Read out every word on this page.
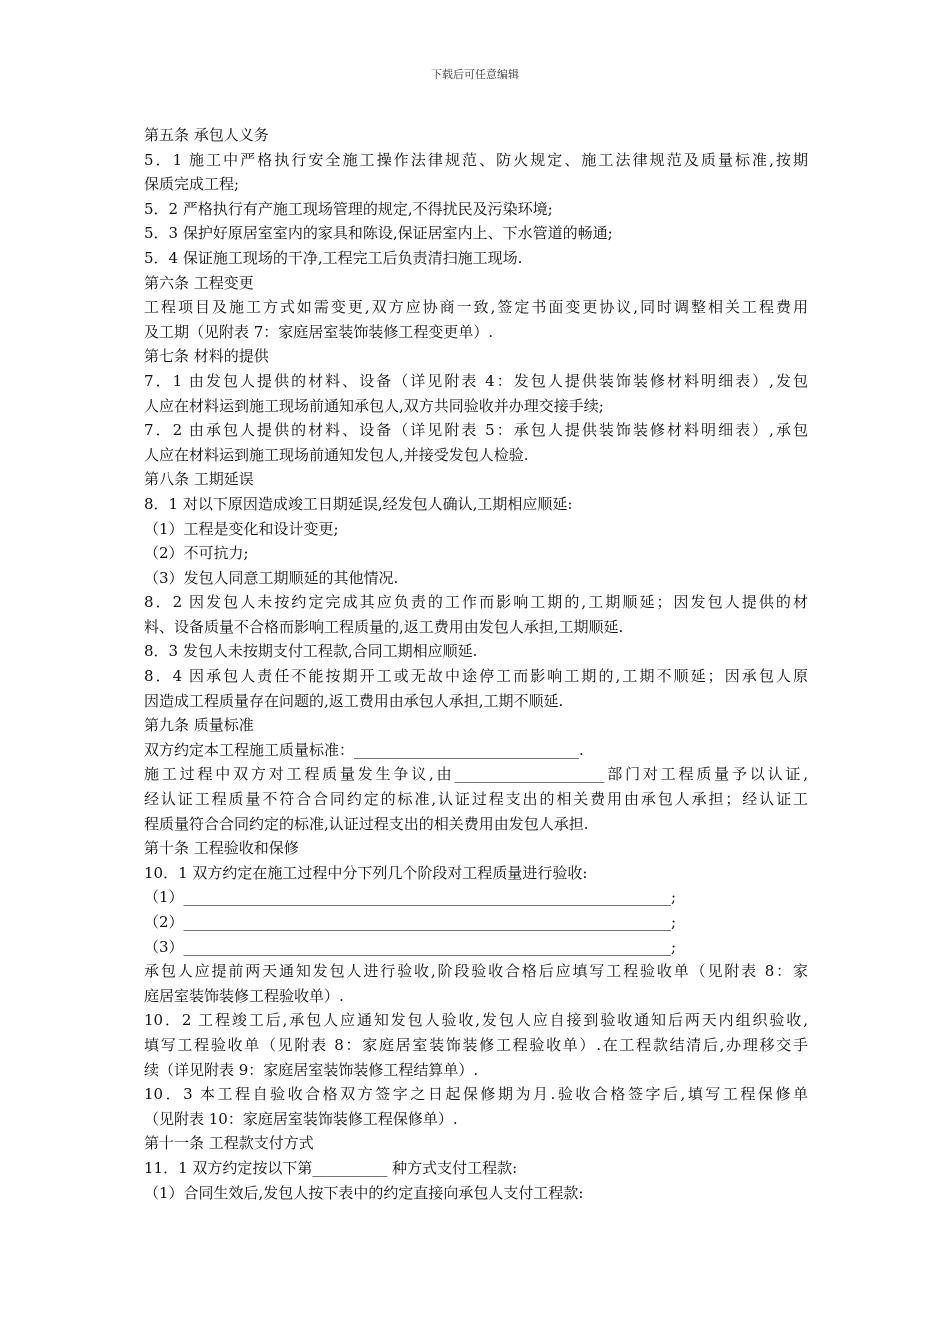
下载后可任意编辑
第五条 承包人义务
5．1 施工中严格执行安全施工操作法律规范、防火规定、施工法律规范及质量标准,按期
保质完成工程;
5．2 严格执行有产施工现场管理的规定,不得扰民及污染环境;
5．3 保护好原居室室内的家具和陈设,保证居室内上、下水管道的畅通;
5．4 保证施工现场的干净,工程完工后负责清扫施工现场.
第六条 工程变更
工程项目及施工方式如需变更,双方应协商一致,签定书面变更协议,同时调整相关工程费用
及工期（见附表 7：家庭居室装饰装修工程变更单）.
第七条 材料的提供
7．1 由发包人提供的材料、设备（详见附表 4：发包人提供装饰装修材料明细表）,发包
人应在材料运到施工现场前通知承包人,双方共同验收并办理交接手续;
7．2 由承包人提供的材料、设备（详见附表 5：承包人提供装饰装修材料明细表）,承包
人应在材料运到施工现场前通知发包人,并接受发包人检验.
第八条 工期延误
8．1 对以下原因造成竣工日期延误,经发包人确认,工期相应顺延:
（1）工程是变化和设计变更;
（2）不可抗力;
（3）发包人同意工期顺延的其他情况.
8．2 因发包人未按约定完成其应负责的工作而影响工期的,工期顺延；因发包人提供的材
料、设备质量不合格而影响工程质量的,返工费用由发包人承担,工期顺延.
8．3 发包人未按期支付工程款,合同工期相应顺延.
8．4 因承包人责任不能按期开工或无故中途停工而影响工期的,工期不顺延；因承包人原
因造成工程质量存在问题的,返工费用由承包人承担,工期不顺延.
第九条 质量标准
双方约定本工程施工质量标准：______________________________.
施工过程中双方对工程质量发生争议,由____________________部门对工程质量予以认证,
经认证工程质量不符合合同约定的标准,认证过程支出的相关费用由承包人承担；经认证工
程质量符合合同约定的标准,认证过程支出的相关费用由发包人承担.
第十条 工程验收和保修
10．1 双方约定在施工过程中分下列几个阶段对工程质量进行验收:
（1）_________________________________________________________________;
（2）_________________________________________________________________;
（3）_________________________________________________________________;
承包人应提前两天通知发包人进行验收,阶段验收合格后应填写工程验收单（见附表 8：家
庭居室装饰装修工程验收单）.
10．2 工程竣工后,承包人应通知发包人验收,发包人应自接到验收通知后两天内组织验收,
填写工程验收单（见附表 8：家庭居室装饰装修工程验收单）.在工程款结清后,办理移交手
续（详见附表 9：家庭居室装饰装修工程结算单）.
10．3 本工程自验收合格双方签字之日起保修期为月.验收合格签字后,填写工程保修单
（见附表 10：家庭居室装饰装修工程保修单）.
第十一条 工程款支付方式
11．1 双方约定按以下第__________ 种方式支付工程款:
（1）合同生效后,发包人按下表中的约定直接向承包人支付工程款:
